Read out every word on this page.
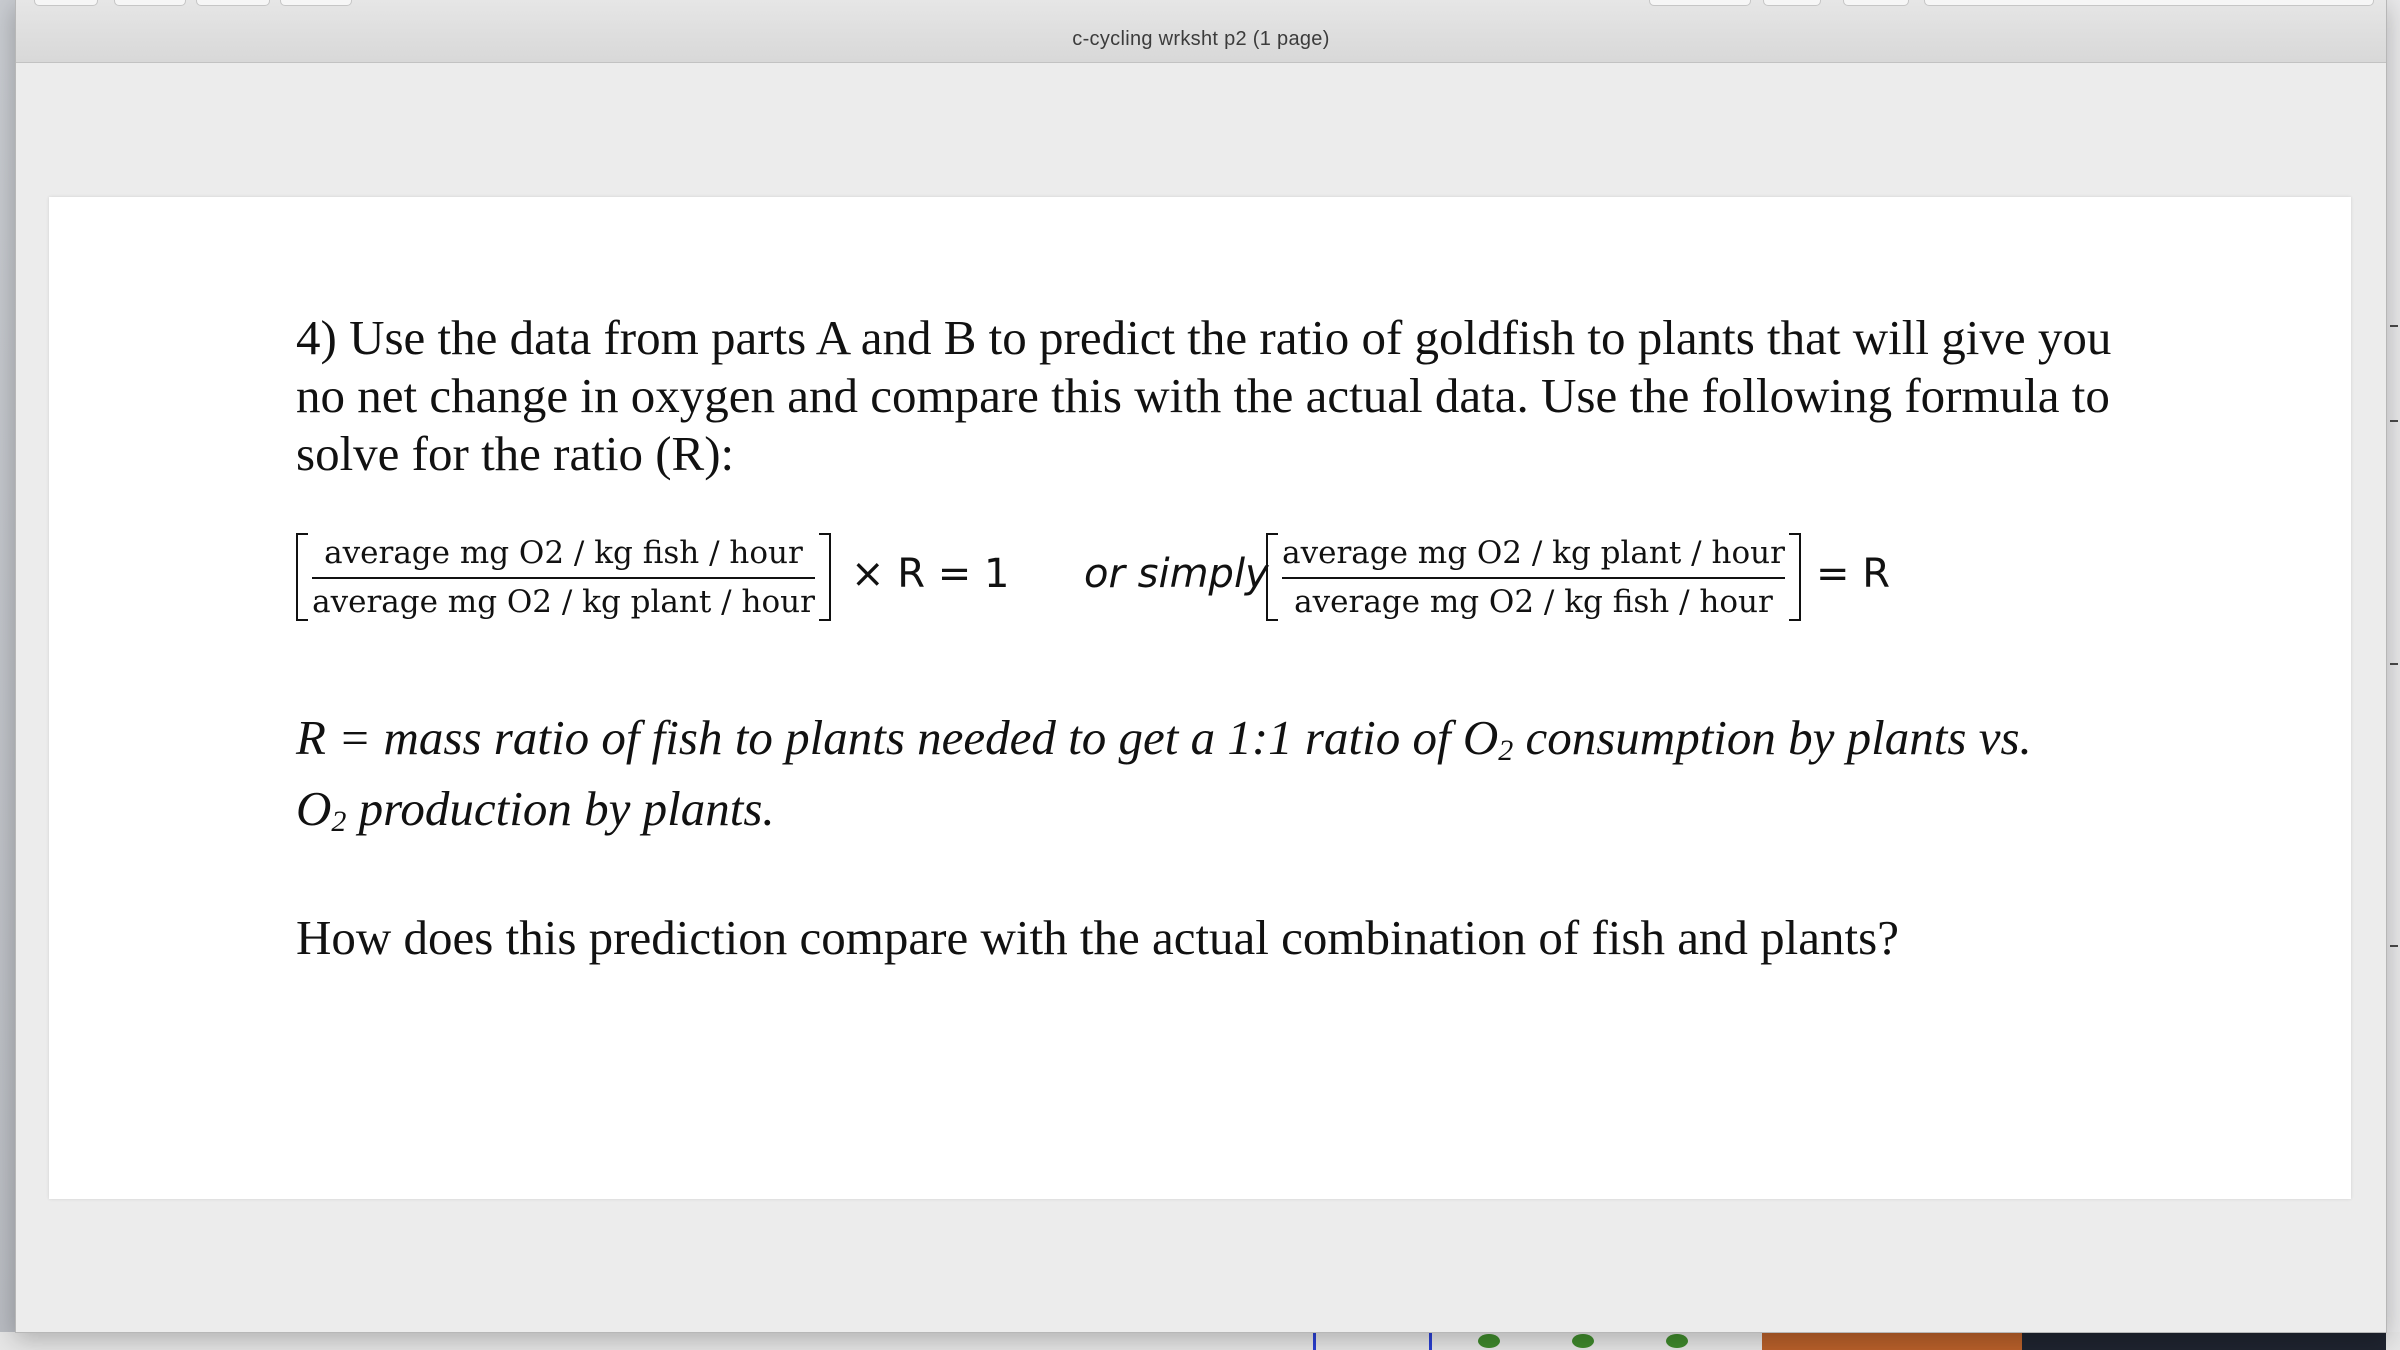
c-cycling wrksht p2 (1 page)

4) Use the data from parts A and B to predict the ratio of goldfish to plants that will give you no net change in oxygen and compare this with the actual data. Use the following formula to solve for the ratio (R):

average mg O2 / kg fish / hour
average mg O2 / kg plant / hour
× R = 1 or simply average mg O2 / kg plant / hour
average mg O2 / kg fish / hour
= R

R = mass ratio of fish to plants needed to get a 1:1 ratio of $O_2$ consumption by plants vs.
$O_2$ production by plants.

How does this prediction compare with the actual combination of fish and plants?
